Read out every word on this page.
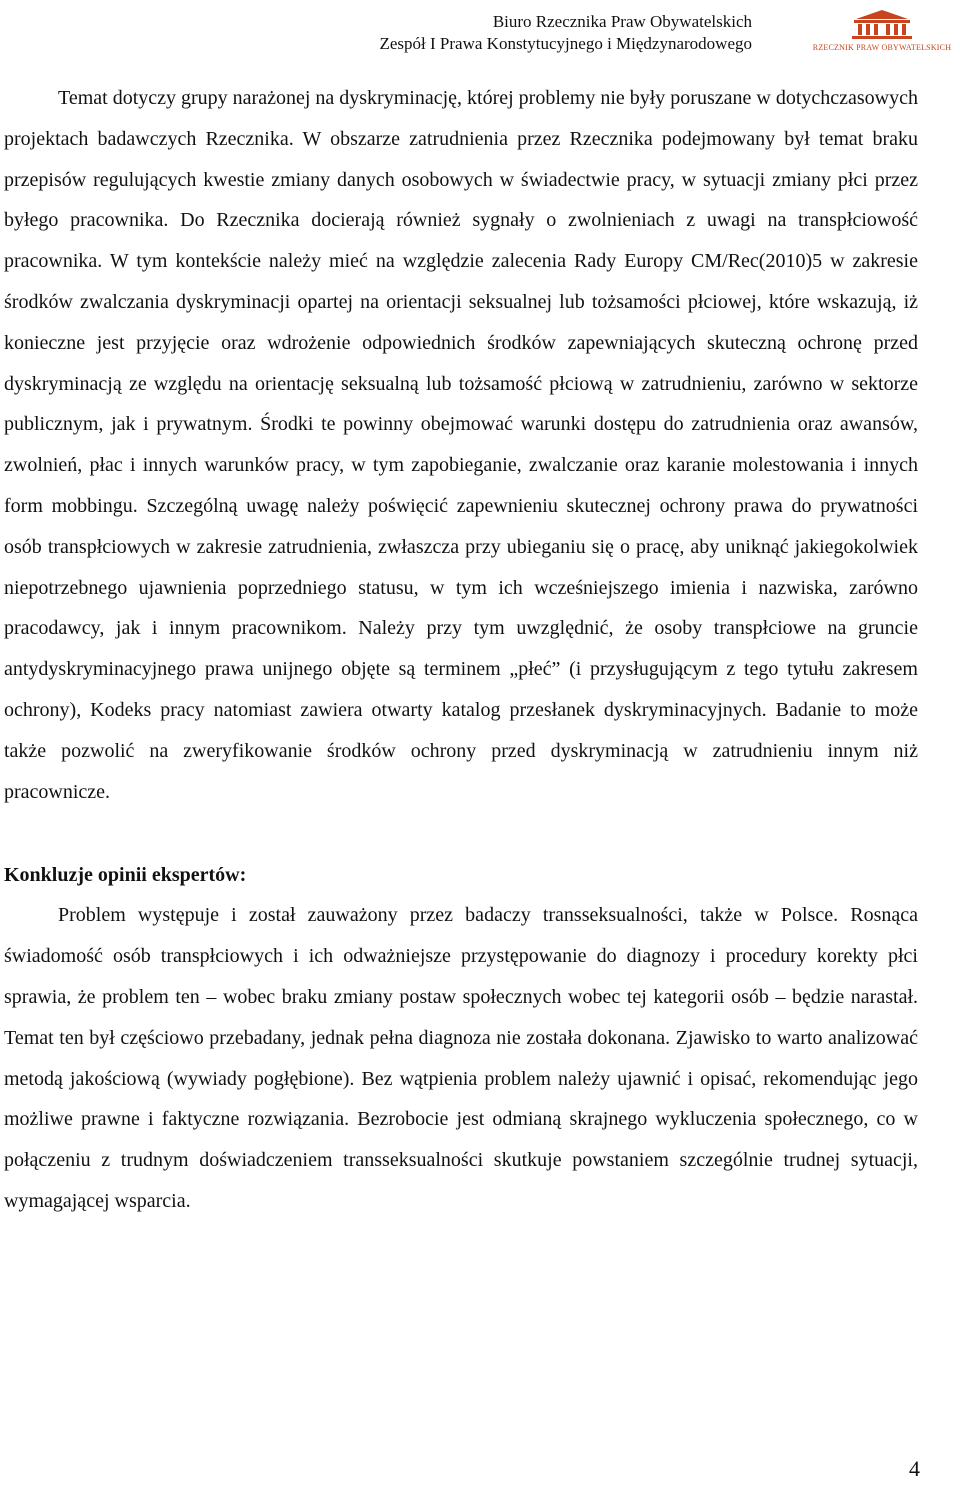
Biuro Rzecznika Praw Obywatelskich
Zespół I Prawa Konstytucyjnego i Międzynarodowego	RZECZNIK PRAW OBYWATELSKICH

Temat dotyczy grupy narażonej na dyskryminację, której problemy nie były poruszane w dotychczasowych projektach badawczych Rzecznika. W obszarze zatrudnienia przez Rzecznika podejmowany był temat braku przepisów regulujących kwestie zmiany danych osobowych w świadectwie pracy, w sytuacji zmiany płci przez byłego pracownika. Do Rzecznika docierają również sygnały o zwolnieniach z uwagi na transpłciowość pracownika. W tym kontekście należy mieć na względzie zalecenia Rady Europy CM/Rec(2010)5 w zakresie środków zwalczania dyskryminacji opartej na orientacji seksualnej lub tożsamości płciowej, które wskazują, iż konieczne jest przyjęcie oraz wdrożenie odpowiednich środków zapewniających skuteczną ochronę przed dyskryminacją ze względu na orientację seksualną lub tożsamość płciową w zatrudnieniu, zarówno w sektorze publicznym, jak i prywatnym. Środki te powinny obejmować warunki dostępu do zatrudnienia oraz awansów, zwolnień, płac i innych warunków pracy, w tym zapobieganie, zwalczanie oraz karanie molestowania i innych form mobbingu. Szczególną uwagę należy poświęcić zapewnieniu skutecznej ochrony prawa do prywatności osób transpłciowych w zakresie zatrudnienia, zwłaszcza przy ubieganiu się o pracę, aby uniknąć jakiegokolwiek niepotrzebnego ujawnienia poprzedniego statusu, w tym ich wcześniejszego imienia i nazwiska, zarówno pracodawcy, jak i innym pracownikom. Należy przy tym uwzględnić, że osoby transpłciowe na gruncie antydyskryminacyjnego prawa unijnego objęte są terminem „płeć” (i przysługującym z tego tytułu zakresem ochrony), Kodeks pracy natomiast zawiera otwarty katalog przesłanek dyskryminacyjnych. Badanie to może także pozwolić na zweryfikowanie środków ochrony przed dyskryminacją w zatrudnieniu innym niż pracownicze.

Konkluzje opinii ekspertów:

Problem występuje i został zauważony przez badaczy transseksualności, także w Polsce. Rosnąca świadomość osób transpłciowych i ich odważniejsze przystępowanie do diagnozy i procedury korekty płci sprawia, że problem ten – wobec braku zmiany postaw społecznych wobec tej kategorii osób – będzie narastał. Temat ten był częściowo przebadany, jednak pełna diagnoza nie została dokonana. Zjawisko to warto analizować metodą jakościową (wywiady pogłębione). Bez wątpienia problem należy ujawnić i opisać, rekomendując jego możliwe prawne i faktyczne rozwiązania. Bezrobocie jest odmianą skrajnego wykluczenia społecznego, co w połączeniu z trudnym doświadczeniem transseksualności skutkuje powstaniem szczególnie trudnej sytuacji, wymagającej wsparcia.

4
